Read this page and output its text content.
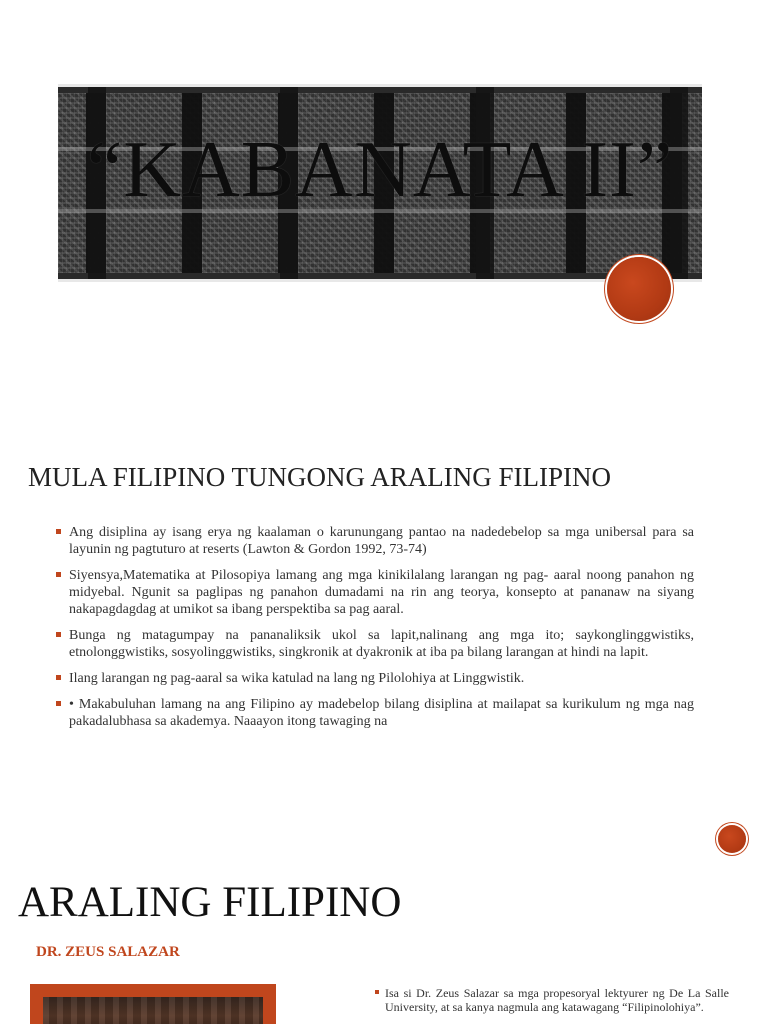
“KABANATA II”
MULA FILIPINO TUNGONG ARALING FILIPINO
Ang disiplina ay isang erya ng kaalaman o karunungang pantao na nadedebelop sa mga unibersal para sa layunin ng pagtuturo at reserts (Lawton & Gordon 1992, 73-74)
Siyensya,Matematika at Pilosopiya lamang ang mga kinikilalang larangan ng pag- aaral noong panahon ng midyebal. Ngunit sa paglipas ng panahon dumadami na rin ang teorya, konsepto at pananaw na siyang nakapagdagdag at umikot sa ibang perspektiba sa pag aaral.
Bunga ng matagumpay na pananaliksik ukol sa lapit,nalinang ang mga ito; saykonglinggwistiks, etnolonggwistiks, sosyolinggwistiks, singkronik at dyakronik at iba pa bilang larangan at hindi na lapit.
Ilang larangan ng pag-aaral sa wika katulad na lang ng Pilolohiya at Linggwistik.
• Makabuluhan lamang na ang Filipino ay madebelop bilang disiplina at mailapat sa kurikulum ng mga nag pakadalubhasa sa akademya. Naaayon itong tawaging na
ARALING FILIPINO
DR. ZEUS SALAZAR
Isa si Dr. Zeus Salazar sa mga propesoryal lektyurer ng De La Salle University, at sa kanya nagmula ang katawagang “Filipinolohiya”.
